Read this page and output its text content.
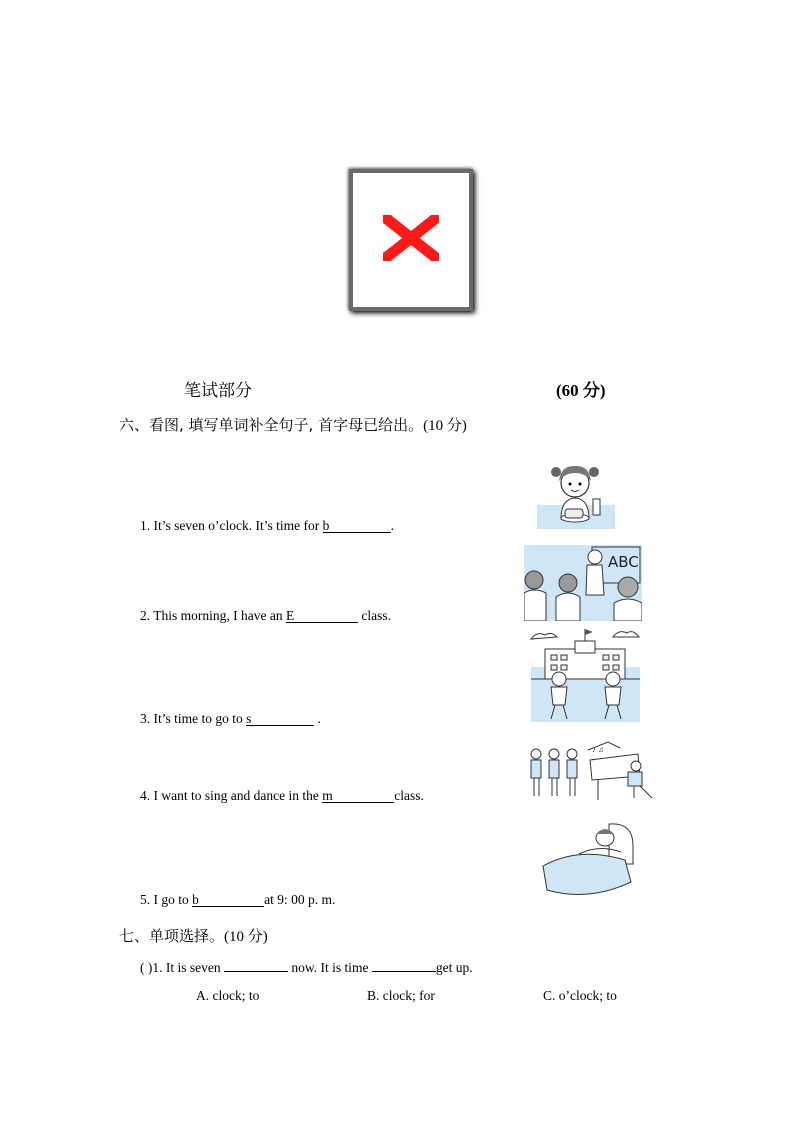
笔试部分	(60 分)
六、看图, 填写单词补全句子, 首字母已给出。(10 分)
1. It’s seven o’clock. It’s time for b	.
2. This morning, I have an E	class.
3. It’s time to go to s	.
4. I want to sing and dance in the m	class.
5. I go to b	at 9: 00 p. m.
ABC
♪ ♫
七、单项选择。(10 分)
( )1. It is seven	now. It is time	get up.
A. clock; to	B. clock; for	C. o’clock; to
